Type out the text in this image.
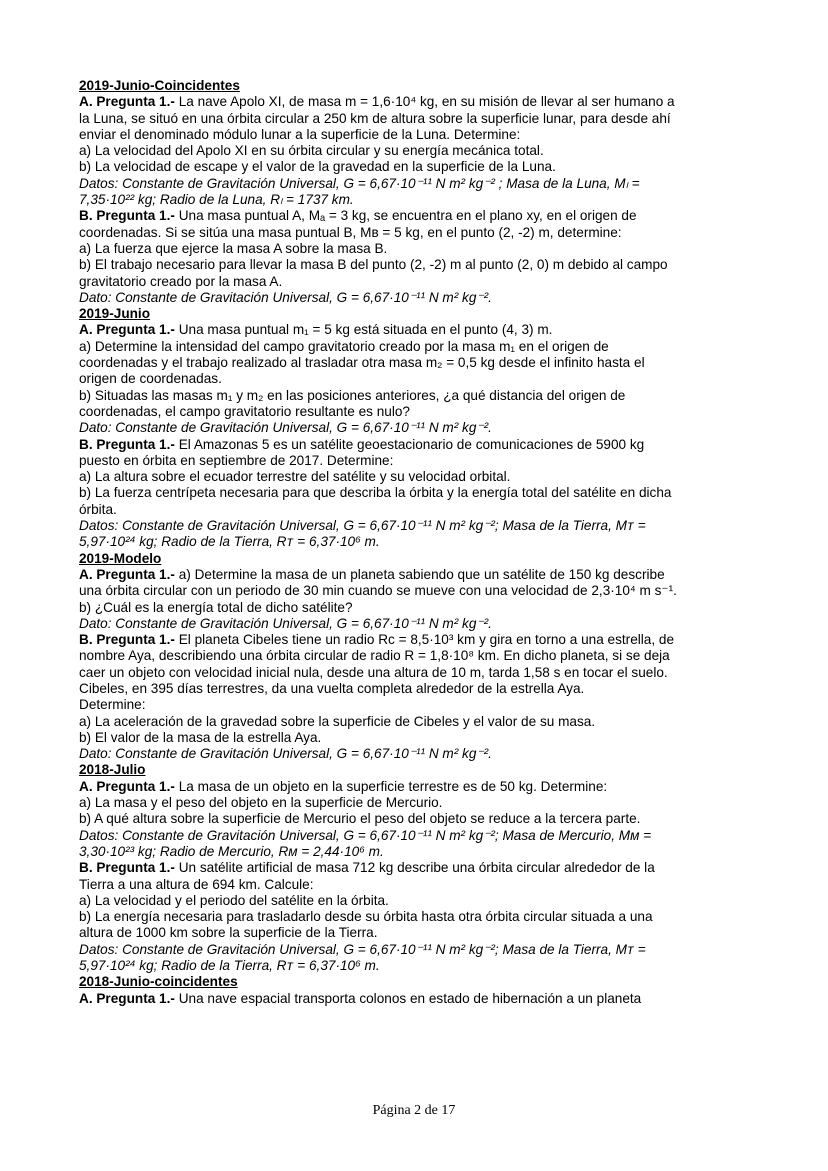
2019-Junio-Coincidentes
A. Pregunta 1.- La nave Apolo XI, de masa m = 1,6·10⁴ kg, en su misión de llevar al ser humano a
la Luna, se situó en una órbita circular a 250 km de altura sobre la superficie lunar, para desde ahí
enviar el denominado módulo lunar a la superficie de la Luna. Determine:
a) La velocidad del Apolo XI en su órbita circular y su energía mecánica total.
b) La velocidad de escape y el valor de la gravedad en la superficie de la Luna.
Datos: Constante de Gravitación Universal, G = 6,67·10⁻¹¹ N m² kg⁻² ; Masa de la Luna, Mₗ =
7,35·10²² kg; Radio de la Luna, Rₗ = 1737 km.
B. Pregunta 1.- Una masa puntual A, Mₐ = 3 kg, se encuentra en el plano xy, en el origen de
coordenadas. Si se sitúa una masa puntual B, Mв = 5 kg, en el punto (2, -2) m, determine:
a) La fuerza que ejerce la masa A sobre la masa B.
b) El trabajo necesario para llevar la masa B del punto (2, -2) m al punto (2, 0) m debido al campo
gravitatorio creado por la masa A.
Dato: Constante de Gravitación Universal, G = 6,67·10⁻¹¹ N m² kg⁻².
2019-Junio
A. Pregunta 1.- Una masa puntual m₁ = 5 kg está situada en el punto (4, 3) m.
a) Determine la intensidad del campo gravitatorio creado por la masa m₁ en el origen de
coordenadas y el trabajo realizado al trasladar otra masa m₂ = 0,5 kg desde el infinito hasta el
origen de coordenadas.
b) Situadas las masas m₁ y m₂ en las posiciones anteriores, ¿a qué distancia del origen de
coordenadas, el campo gravitatorio resultante es nulo?
Dato: Constante de Gravitación Universal, G = 6,67·10⁻¹¹ N m² kg⁻².
B. Pregunta 1.- El Amazonas 5 es un satélite geoestacionario de comunicaciones de 5900 kg
puesto en órbita en septiembre de 2017. Determine:
a) La altura sobre el ecuador terrestre del satélite y su velocidad orbital.
b) La fuerza centrípeta necesaria para que describa la órbita y la energía total del satélite en dicha
órbita.
Datos: Constante de Gravitación Universal, G = 6,67·10⁻¹¹ N m² kg⁻²; Masa de la Tierra, Mᴛ =
5,97·10²⁴ kg; Radio de la Tierra, Rᴛ = 6,37·10⁶ m.
2019-Modelo
A. Pregunta 1.- a) Determine la masa de un planeta sabiendo que un satélite de 150 kg describe
una órbita circular con un periodo de 30 min cuando se mueve con una velocidad de 2,3·10⁴ m s⁻¹.
b) ¿Cuál es la energía total de dicho satélite?
Dato: Constante de Gravitación Universal, G = 6,67·10⁻¹¹ N m² kg⁻².
B. Pregunta 1.- El planeta Cibeles tiene un radio Rᴄ = 8,5·10³ km y gira en torno a una estrella, de
nombre Aya, describiendo una órbita circular de radio R = 1,8·10⁸ km. En dicho planeta, si se deja
caer un objeto con velocidad inicial nula, desde una altura de 10 m, tarda 1,58 s en tocar el suelo.
Cibeles, en 395 días terrestres, da una vuelta completa alrededor de la estrella Aya.
Determine:
a) La aceleración de la gravedad sobre la superficie de Cibeles y el valor de su masa.
b) El valor de la masa de la estrella Aya.
Dato: Constante de Gravitación Universal, G = 6,67·10⁻¹¹ N m² kg⁻².
2018-Julio
A. Pregunta 1.- La masa de un objeto en la superficie terrestre es de 50 kg. Determine:
a) La masa y el peso del objeto en la superficie de Mercurio.
b) A qué altura sobre la superficie de Mercurio el peso del objeto se reduce a la tercera parte.
Datos: Constante de Gravitación Universal, G = 6,67·10⁻¹¹ N m² kg⁻²; Masa de Mercurio, Mᴍ =
3,30·10²³ kg; Radio de Mercurio, Rᴍ = 2,44·10⁶ m.
B. Pregunta 1.- Un satélite artificial de masa 712 kg describe una órbita circular alrededor de la
Tierra a una altura de 694 km. Calcule:
a) La velocidad y el periodo del satélite en la órbita.
b) La energía necesaria para trasladarlo desde su órbita hasta otra órbita circular situada a una
altura de 1000 km sobre la superficie de la Tierra.
Datos: Constante de Gravitación Universal, G = 6,67·10⁻¹¹ N m² kg⁻²; Masa de la Tierra, Mᴛ =
5,97·10²⁴ kg; Radio de la Tierra, Rᴛ = 6,37·10⁶ m.
2018-Junio-coincidentes
A. Pregunta 1.- Una nave espacial transporta colonos en estado de hibernación a un planeta
Página 2 de 17
